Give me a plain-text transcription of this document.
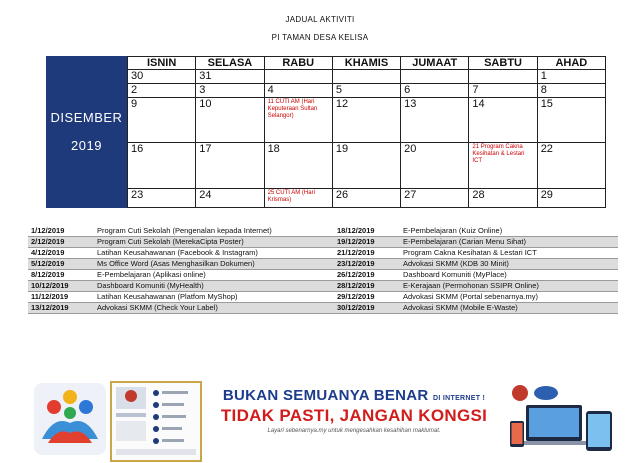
JADUAL AKTIVITI
PI TAMAN DESA KELISA
DISEMBER
2019
ISNIN	SELASA	RABU	KHAMIS	JUMAAT	SABTU	AHAD

30	31					1

2	3	4	5	6	7	8

9	10	11 CUTI AM (Hari Keputeraan Sultan Selangor)	12	13	14	15

16	17	18	19	20	21 Program Cakna Kesihatan & Lestari ICT	22

23	24	25 CUTI AM (Hari Krismas)	26	27	28	29
1/12/2019	Program Cuti Sekolah (Pengenalan kepada Internet)	18/12/2019	E-Pembelajaran (Kuiz Online)
2/12/2019	Program Cuti Sekolah (MerekaCipta Poster)	19/12/2019	E-Pembelajaran (Carian Menu Sihat)
4/12/2019	Latihan Keusahawanan (Facebook & Instagram)	21/12/2019	Program Cakna Kesihatan & Lestari ICT
5/12/2019	Ms Office Word (Asas Menghasilkan Dokumen)	23/12/2019	Advokasi SKMM (KDB 30 Minit)
8/12/2019	E-Pembelajaran (Aplikasi online)	26/12/2019	Dashboard Komuniti (MyPlace)
10/12/2019	Dashboard Komuniti (MyHealth)	28/12/2019	E-Kerajaan (Permohonan SSIPR Online)
11/12/2019	Latihan Keusahawanan (Platfom MyShop)	29/12/2019	Advokasi SKMM (Portal sebenarnya.my)
13/12/2019	Advokasi SKMM (Check Your Label)	30/12/2019	Advokasi SKMM (Mobile E-Waste)
BUKAN SEMUANYA BENAR DI INTERNET !
TIDAK PASTI, JANGAN KONGSI
Layari sebenarnya.my untuk mengesahkan kesahihan maklumat.
